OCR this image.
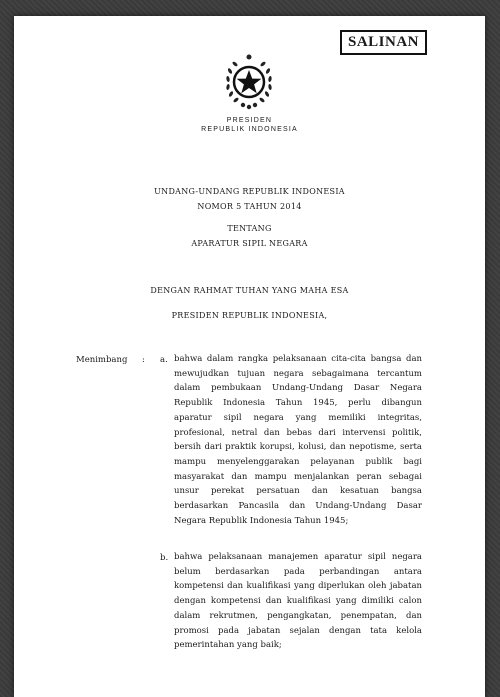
SALINAN
PRESIDEN
REPUBLIK INDONESIA
UNDANG-UNDANG REPUBLIK INDONESIA
NOMOR 5 TAHUN 2014
TENTANG
APARATUR SIPIL NEGARA
DENGAN RAHMAT TUHAN YANG MAHA ESA
PRESIDEN REPUBLIK INDONESIA,
Menimbang : a. bahwa dalam rangka pelaksanaan cita-cita bangsa dan mewujudkan tujuan negara sebagaimana tercantum dalam pembukaan Undang-Undang Dasar Negara Republik Indonesia Tahun 1945, perlu dibangun aparatur sipil negara yang memiliki integritas, profesional, netral dan bebas dari intervensi politik, bersih dari praktik korupsi, kolusi, dan nepotisme, serta mampu menyelenggarakan pelayanan publik bagi masyarakat dan mampu menjalankan peran sebagai unsur perekat persatuan dan kesatuan bangsa berdasarkan Pancasila dan Undang-Undang Dasar Negara Republik Indonesia Tahun 1945;
b. bahwa pelaksanaan manajemen aparatur sipil negara belum berdasarkan pada perbandingan antara kompetensi dan kualifikasi yang diperlukan oleh jabatan dengan kompetensi dan kualifikasi yang dimiliki calon dalam rekrutmen, pengangkatan, penempatan, dan promosi pada jabatan sejalan dengan tata kelola pemerintahan yang baik;
